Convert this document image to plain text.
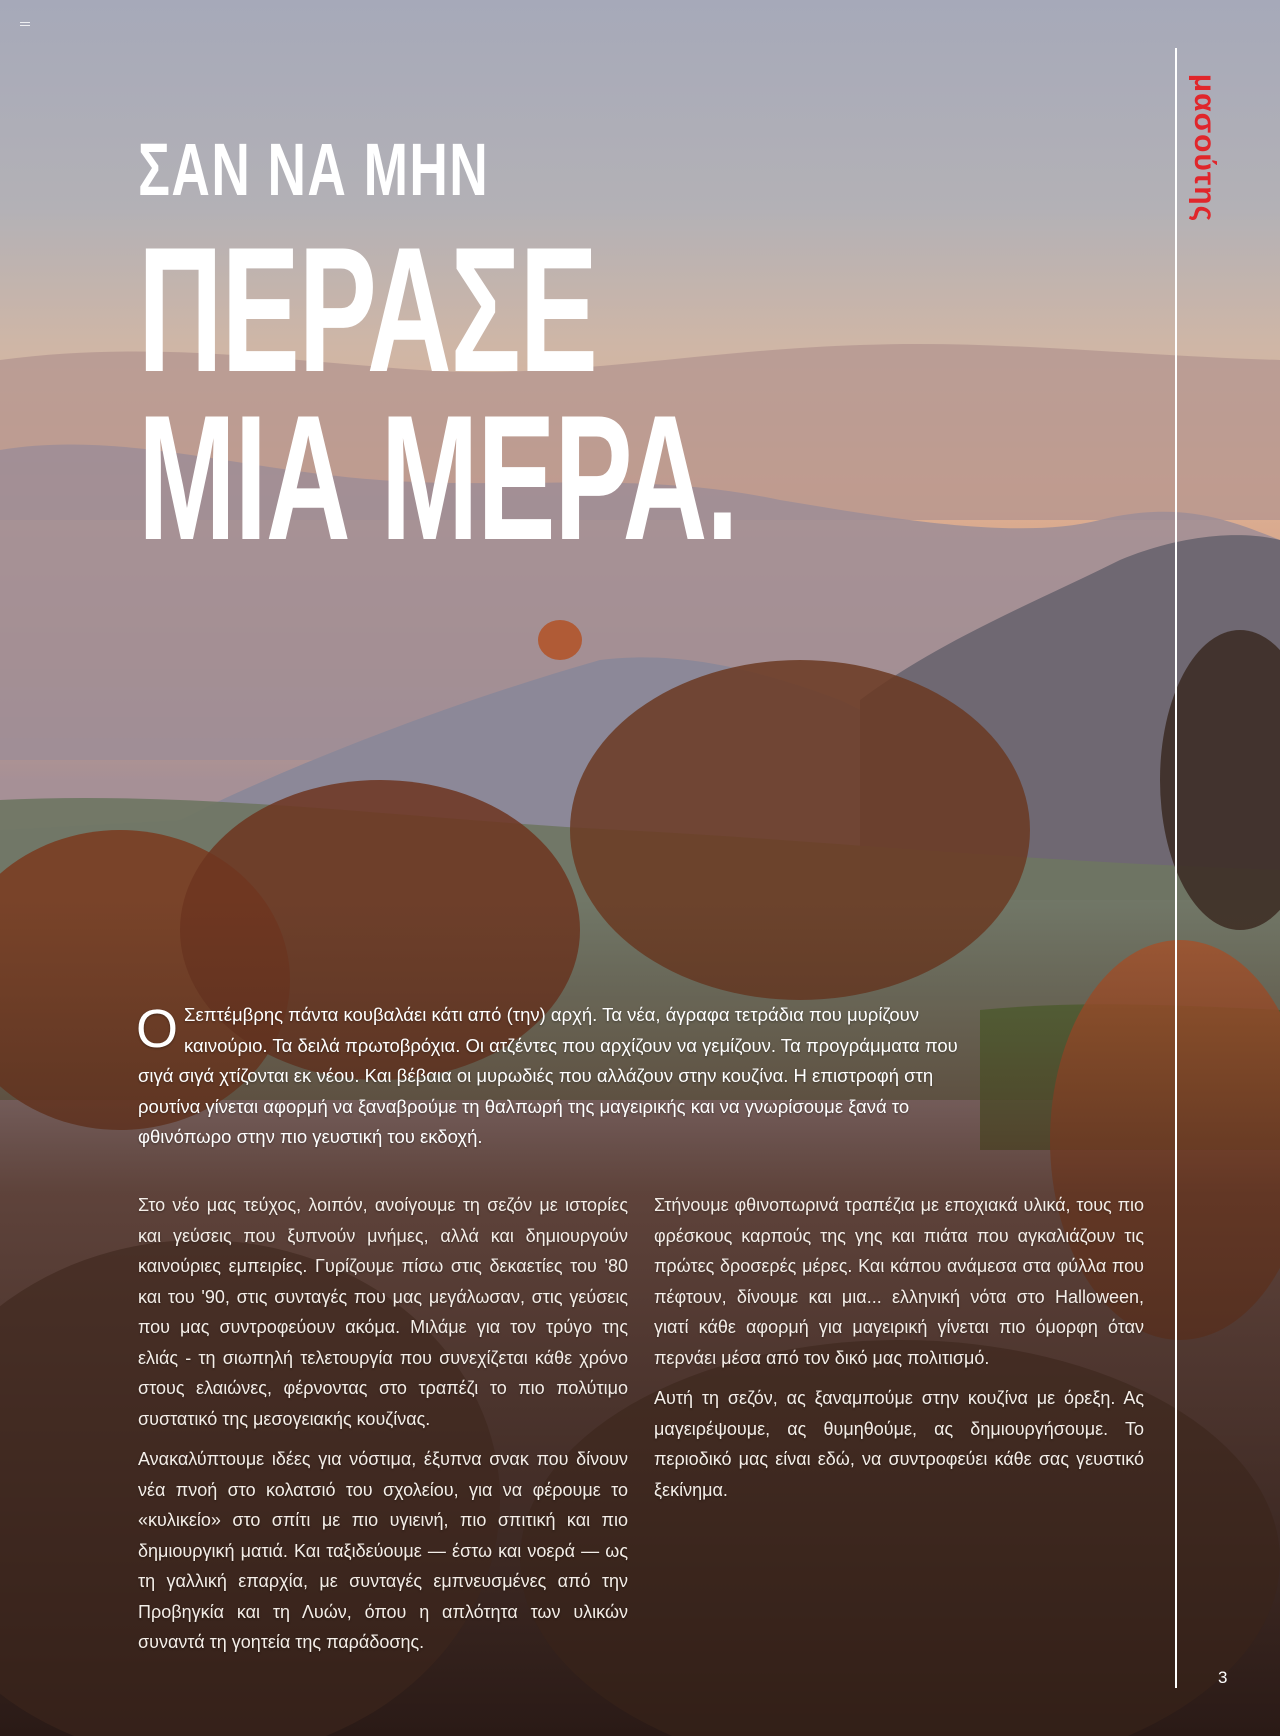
ΣΑΝ ΝΑ ΜΗΝ
ΠΕΡΑΣΕ
ΜΙΑ ΜΕΡΑ.
μασούτης

Ο Σεπτέμβρης πάντα κουβαλάει κάτι από (την) αρχή. Τα νέα, άγραφα τετράδια που μυρίζουν καινούριο. Τα δειλά πρωτοβρόχια. Οι ατζέντες που αρχίζουν να γεμίζουν. Τα προγράμματα που σιγά σιγά χτίζονται εκ νέου. Και βέβαια οι μυρωδιές που αλλάζουν στην κουζίνα. Η επιστροφή στη ρουτίνα γίνεται αφορμή να ξαναβρούμε τη θαλπωρή της μαγειρικής και να γνωρίσουμε ξανά το φθινόπωρο στην πιο γευστική του εκδοχή.

Στο νέο μας τεύχος, λοιπόν, ανοίγουμε τη σεζόν με ιστορίες και γεύσεις που ξυπνούν μνήμες, αλλά και δημιουργούν καινούριες εμπειρίες. Γυρίζουμε πίσω στις δεκαετίες του '80 και του '90, στις συνταγές που μας μεγάλωσαν, στις γεύσεις που μας συντροφεύουν ακόμα. Μιλάμε για τον τρύγο της ελιάς - τη σιωπηλή τελετουργία που συνεχίζεται κάθε χρόνο στους ελαιώνες, φέρνοντας στο τραπέζι το πιο πολύτιμο συστατικό της μεσογειακής κουζίνας.

Ανακαλύπτουμε ιδέες για νόστιμα, έξυπνα σνακ που δίνουν νέα πνοή στο κολατσιό του σχολείου, για να φέρουμε το «κυλικείο» στο σπίτι με πιο υγιεινή, πιο σπιτική και πιο δημιουργική ματιά. Και ταξιδεύουμε — έστω και νοερά — ως τη γαλλική επαρχία, με συνταγές εμπνευσμένες από την Προβηγκία και τη Λυών, όπου η απλότητα των υλικών συναντά τη γοητεία της παράδοσης.

Στήνουμε φθινοπωρινά τραπέζια με εποχιακά υλικά, τους πιο φρέσκους καρπούς της γης και πιάτα που αγκαλιάζουν τις πρώτες δροσερές μέρες. Και κάπου ανάμεσα στα φύλλα που πέφτουν, δίνουμε και μια... ελληνική νότα στο Halloween, γιατί κάθε αφορμή για μαγειρική γίνεται πιο όμορφη όταν περνάει μέσα από τον δικό μας πολιτισμό.

Αυτή τη σεζόν, ας ξαναμπούμε στην κουζίνα με όρεξη. Ας μαγειρέψουμε, ας θυμηθούμε, ας δημιουργήσουμε. Το περιοδικό μας είναι εδώ, να συντροφεύει κάθε σας γευστικό ξεκίνημα.

3
